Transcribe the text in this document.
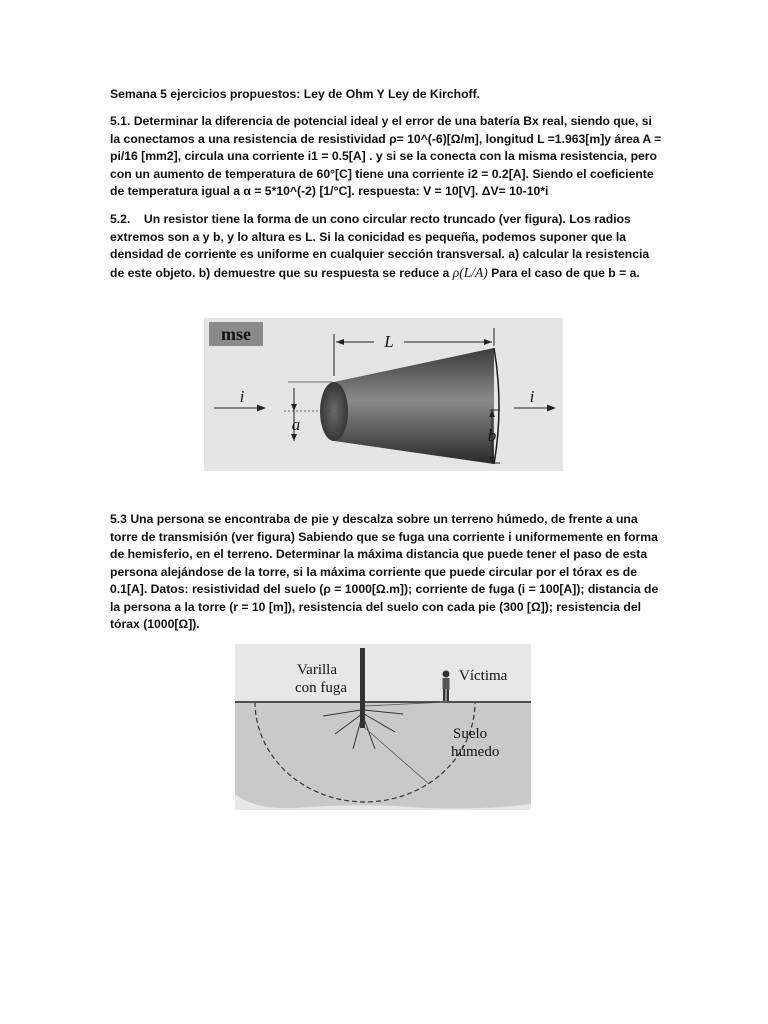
Semana 5 ejercicios propuestos: Ley de Ohm Y Ley de Kirchoff.

5.1. Determinar la diferencia de potencial ideal y el error de una batería Bx real, siendo que, si la conectamos a una resistencia de resistividad ρ= 10^(-6)[Ω/m], longitud L =1.963[m]y área A = pi/16 [mm2], circula una corriente i1 = 0.5[A] . y si se la conecta con la misma resistencia, pero con un aumento de temperatura de 60°[C] tiene una corriente i2 = 0.2[A]. Siendo el coeficiente de temperatura igual a α = 5*10^(-2) [1/°C]. respuesta: V = 10[V]. ΔV= 10-10*i

5.2. Un resistor tiene la forma de un cono circular recto truncado (ver figura). Los radios extremos son a y b, y lo altura es L. Si la conicidad es pequeña, podemos suponer que la densidad de corriente es uniforme en cualquier sección transversal. a) calcular la resistencia de este objeto. b) demuestre que su respuesta se reduce a ρ(L/A) Para el caso de que b = a.

mse	L
i	i
a
b

5.3 Una persona se encontraba de pie y descalza sobre un terreno húmedo, de frente a una torre de transmisión (ver figura) Sabiendo que se fuga una corriente i uniformemente en forma de hemisferio, en el terreno. Determinar la máxima distancia que puede tener el paso de esta persona alejándose de la torre, si la máxima corriente que puede circular por el tórax es de 0.1[A]. Datos: resistividad del suelo (ρ = 1000[Ω.m]); corriente de fuga (i = 100[A]); distancia de la persona a la torre (r = 10 [m]), resistencia del suelo con cada pie (300 [Ω]); resistencia del tórax (1000[Ω]).

Varilla
con fuga
Víctima
Suelo
húmedo
